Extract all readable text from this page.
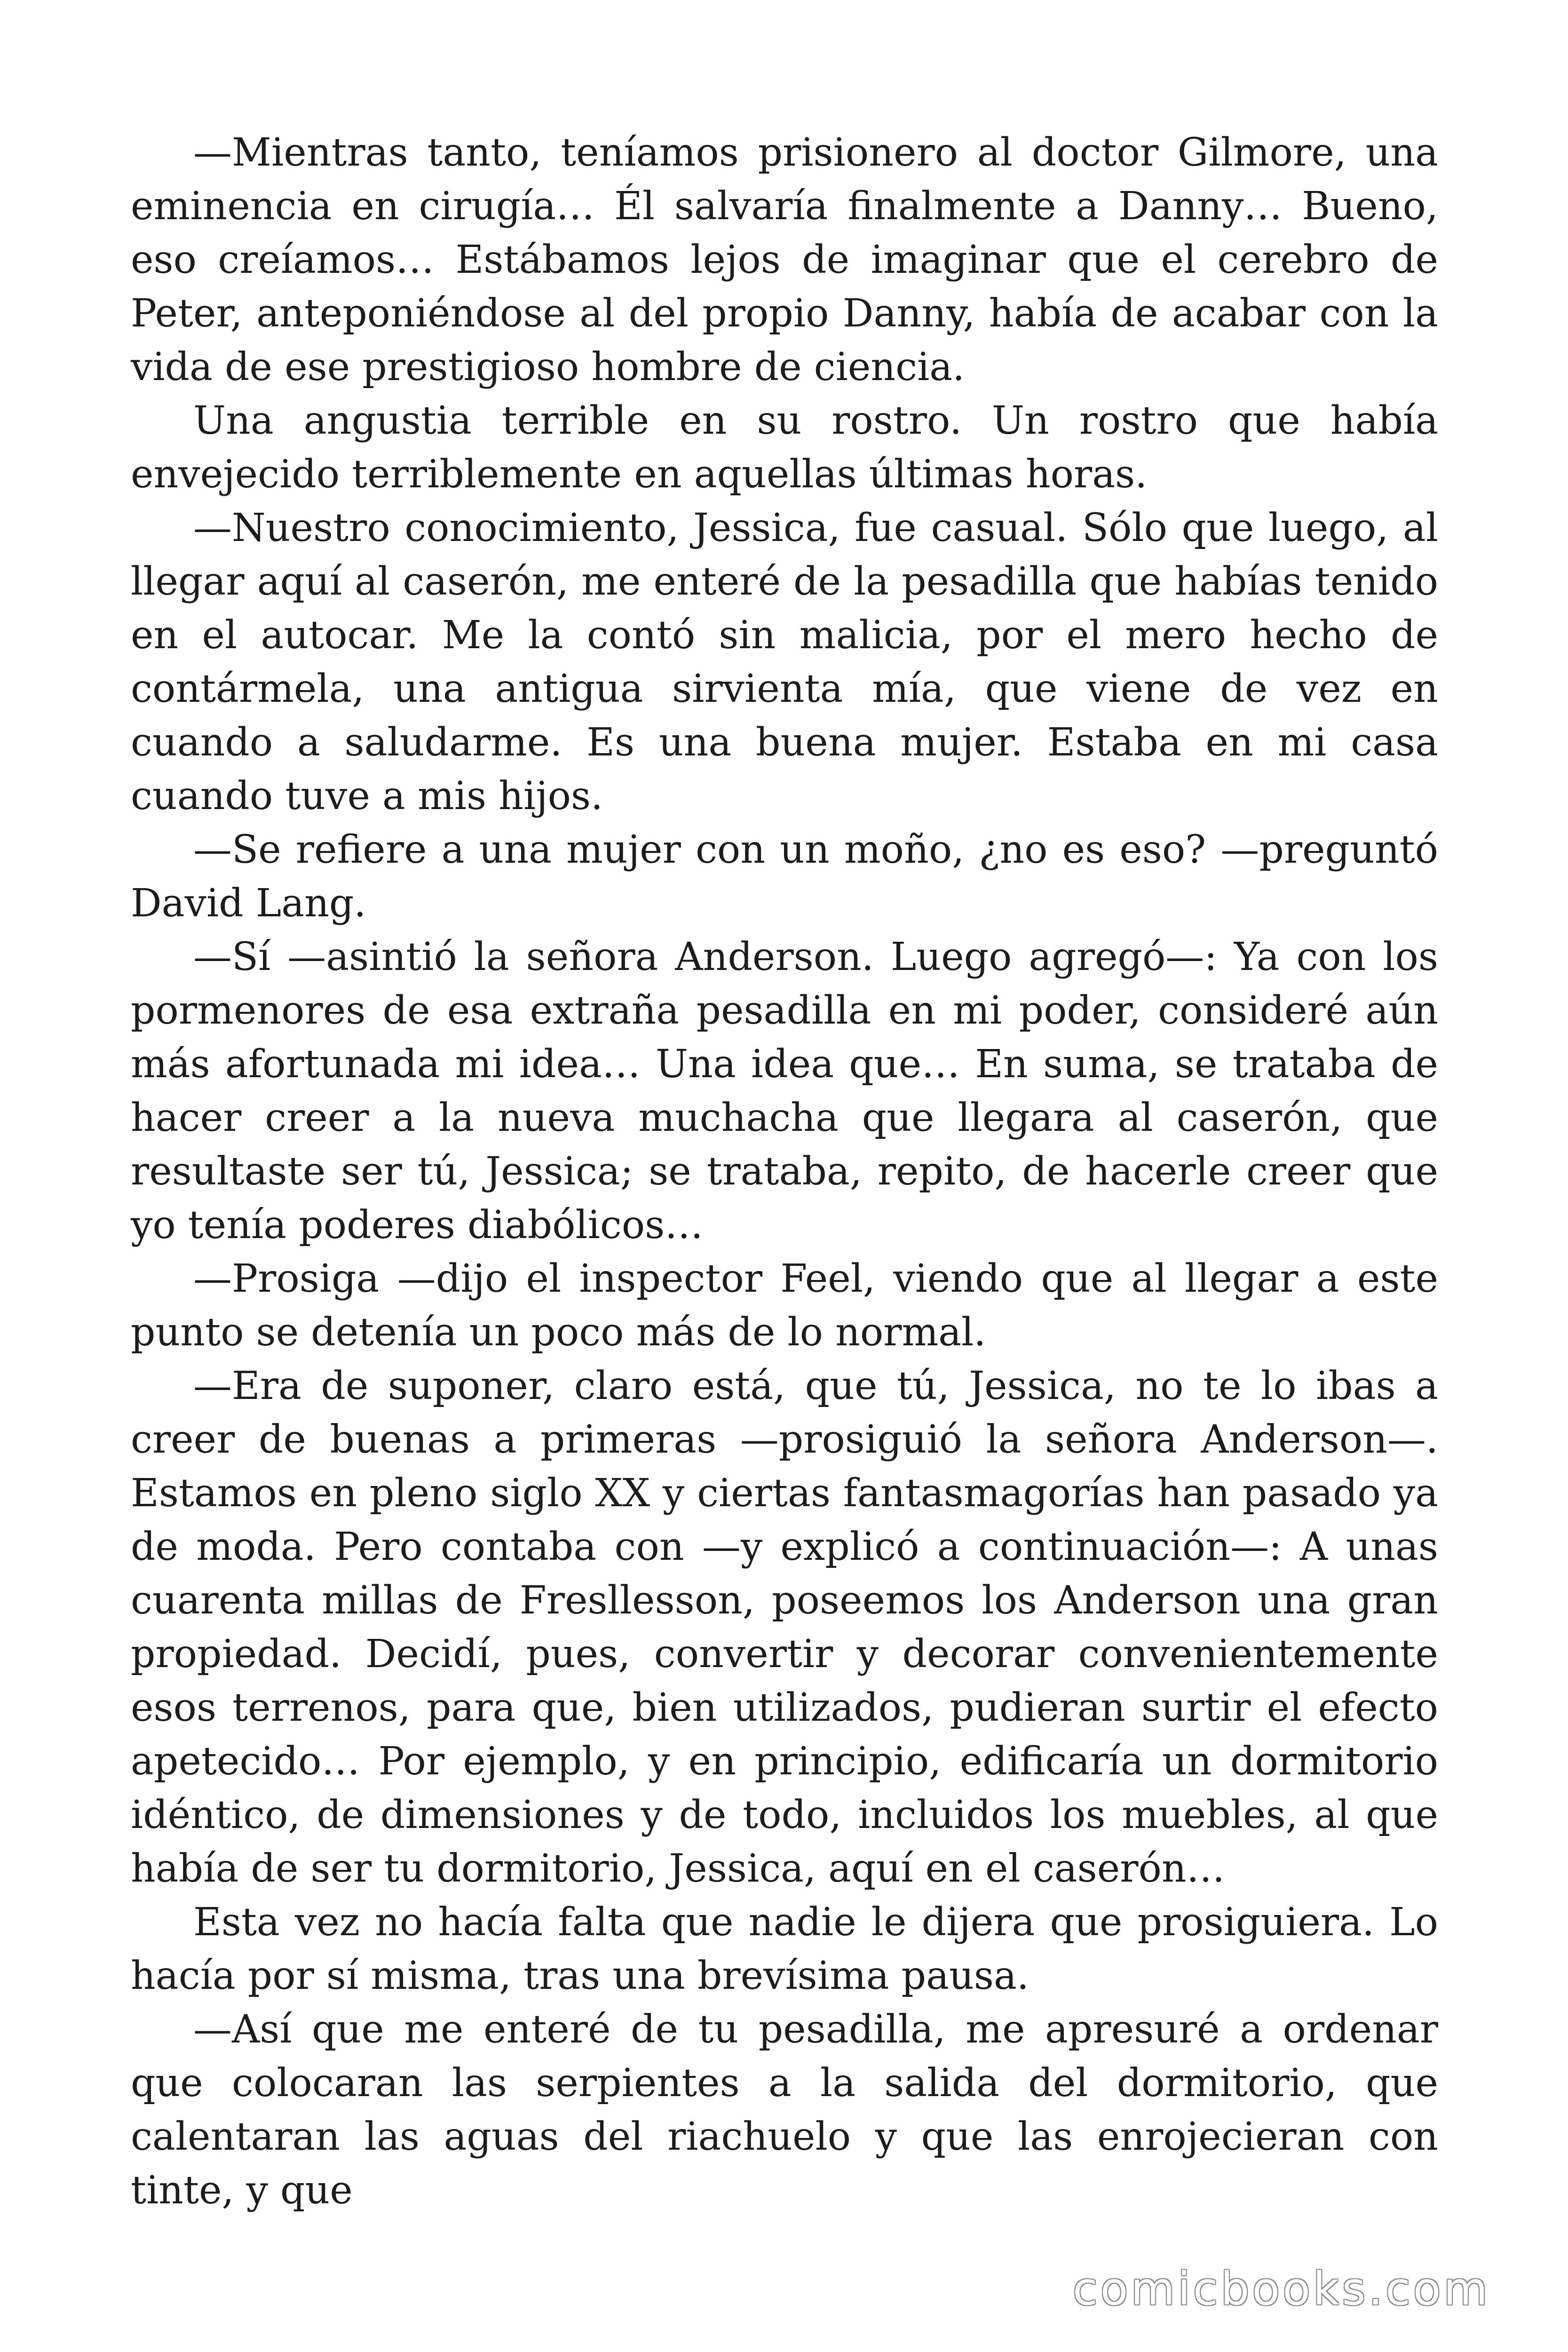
—Mientras tanto, teníamos prisionero al doctor Gilmore, una eminencia en cirugía… Él salvaría finalmente a Danny… Bueno, eso creíamos… Estábamos lejos de imaginar que el cerebro de Peter, anteponiéndose al del propio Danny, había de acabar con la vida de ese prestigioso hombre de ciencia.

Una angustia terrible en su rostro. Un rostro que había envejecido terriblemente en aquellas últimas horas.

—Nuestro conocimiento, Jessica, fue casual. Sólo que luego, al llegar aquí al caserón, me enteré de la pesadilla que habías tenido en el autocar. Me la contó sin malicia, por el mero hecho de contármela, una antigua sirvienta mía, que viene de vez en cuando a saludarme. Es una buena mujer. Estaba en mi casa cuando tuve a mis hijos.

—Se refiere a una mujer con un moño, ¿no es eso? —preguntó David Lang.

—Sí —asintió la señora Anderson. Luego agregó—: Ya con los pormenores de esa extraña pesadilla en mi poder, consideré aún más afortunada mi idea… Una idea que… En suma, se trataba de hacer creer a la nueva muchacha que llegara al caserón, que resultaste ser tú, Jessica; se trataba, repito, de hacerle creer que yo tenía poderes diabólicos…

—Prosiga —dijo el inspector Feel, viendo que al llegar a este punto se detenía un poco más de lo normal.

—Era de suponer, claro está, que tú, Jessica, no te lo ibas a creer de buenas a primeras —prosiguió la señora Anderson—. Estamos en pleno siglo XX y ciertas fantasmagorías han pasado ya de moda. Pero contaba con —y explicó a continuación—: A unas cuarenta millas de Fresllesson, poseemos los Anderson una gran propiedad. Decidí, pues, convertir y decorar convenientemente esos terrenos, para que, bien utilizados, pudieran surtir el efecto apetecido… Por ejemplo, y en principio, edificaría un dormitorio idéntico, de dimensiones y de todo, incluidos los muebles, al que había de ser tu dormitorio, Jessica, aquí en el caserón…

Esta vez no hacía falta que nadie le dijera que prosiguiera. Lo hacía por sí misma, tras una brevísima pausa.

—Así que me enteré de tu pesadilla, me apresuré a ordenar que colocaran las serpientes a la salida del dormitorio, que calentaran las aguas del riachuelo y que las enrojecieran con tinte, y que

comicbooks.com
